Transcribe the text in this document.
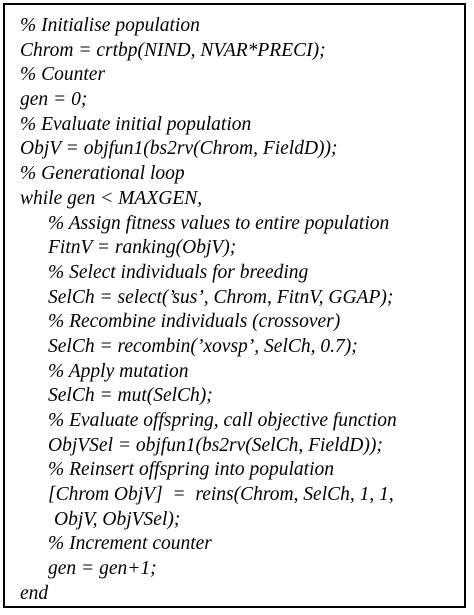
% Initialise population
Chrom = crtbp(NIND, NVAR*PRECI);
% Counter
gen = 0;
% Evaluate initial population
ObjV = objfun1(bs2rv(Chrom, FieldD));
% Generational loop
while gen < MAXGEN,
% Assign fitness values to entire population
FitnV = ranking(ObjV);
% Select individuals for breeding
SelCh = select(’sus’, Chrom, FitnV, GGAP);
% Recombine individuals (crossover)
SelCh = recombin(’xovsp’, SelCh, 0.7);
% Apply mutation
SelCh = mut(SelCh);
% Evaluate offspring, call objective function
ObjVSel = objfun1(bs2rv(SelCh, FieldD));
% Reinsert offspring into population
[Chrom ObjV]  =  reins(Chrom, SelCh, 1, 1,
ObjV, ObjVSel);
% Increment counter
gen = gen+1;
end
